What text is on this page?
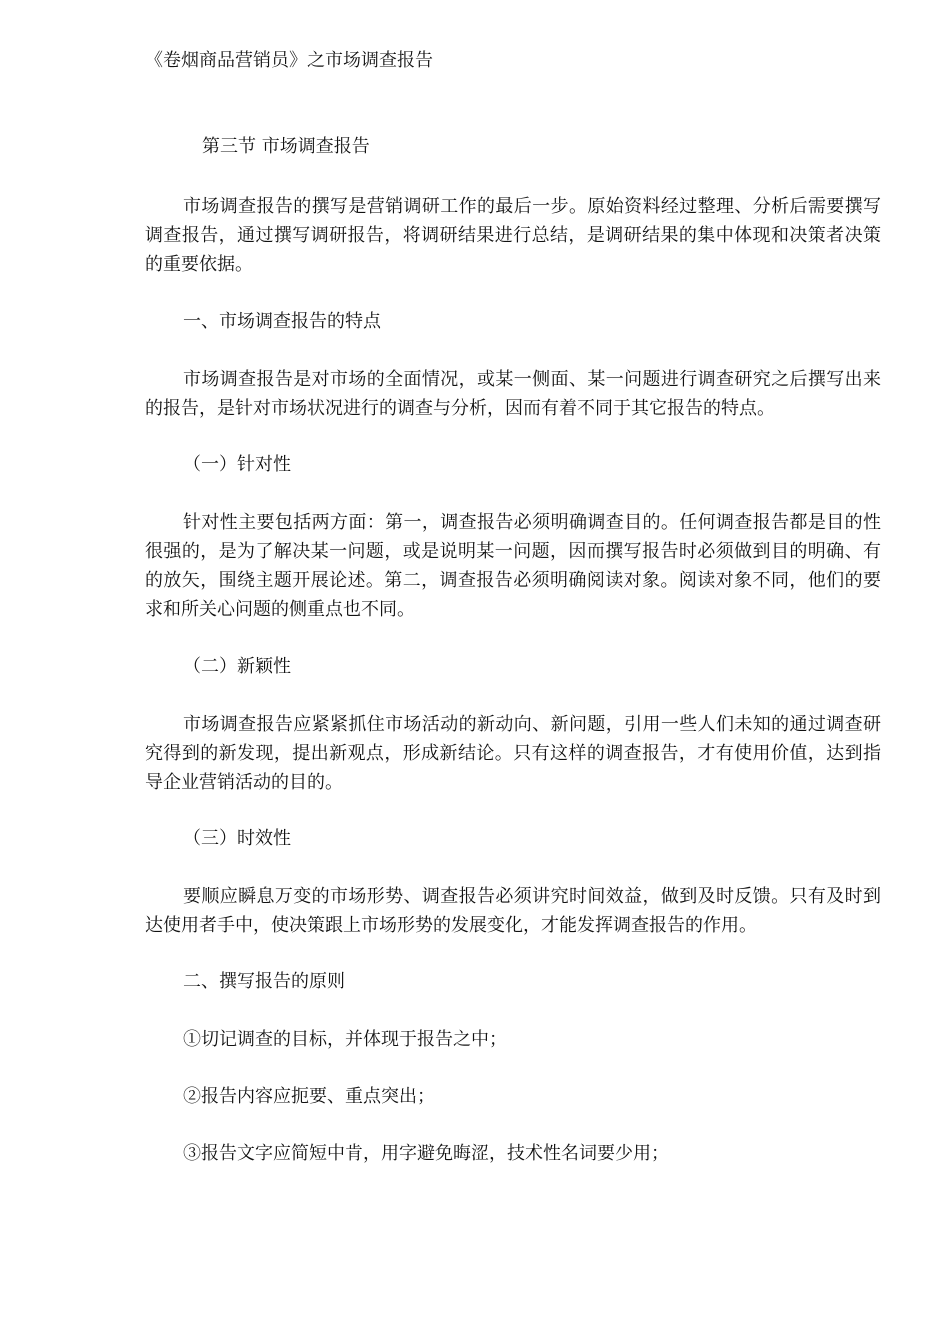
《卷烟商品营销员》之市场调查报告
第三节 市场调查报告
市场调查报告的撰写是营销调研工作的最后一步。原始资料经过整理、分析后需要撰写调查报告，通过撰写调研报告，将调研结果进行总结，是调研结果的集中体现和决策者决策的重要依据。
一、市场调查报告的特点
市场调查报告是对市场的全面情况，或某一侧面、某一问题进行调查研究之后撰写出来的报告，是针对市场状况进行的调查与分析，因而有着不同于其它报告的特点。
（一）针对性
针对性主要包括两方面：第一，调查报告必须明确调查目的。任何调查报告都是目的性很强的，是为了解决某一问题，或是说明某一问题，因而撰写报告时必须做到目的明确、有的放矢，围绕主题开展论述。第二，调查报告必须明确阅读对象。阅读对象不同，他们的要求和所关心问题的侧重点也不同。
（二）新颖性
市场调查报告应紧紧抓住市场活动的新动向、新问题，引用一些人们未知的通过调查研究得到的新发现，提出新观点，形成新结论。只有这样的调查报告，才有使用价值，达到指导企业营销活动的目的。
（三）时效性
要顺应瞬息万变的市场形势、调查报告必须讲究时间效益，做到及时反馈。只有及时到达使用者手中，使决策跟上市场形势的发展变化，才能发挥调查报告的作用。
二、撰写报告的原则
①切记调查的目标，并体现于报告之中；
②报告内容应扼要、重点突出；
③报告文字应简短中肯，用字避免晦涩，技术性名词要少用；
